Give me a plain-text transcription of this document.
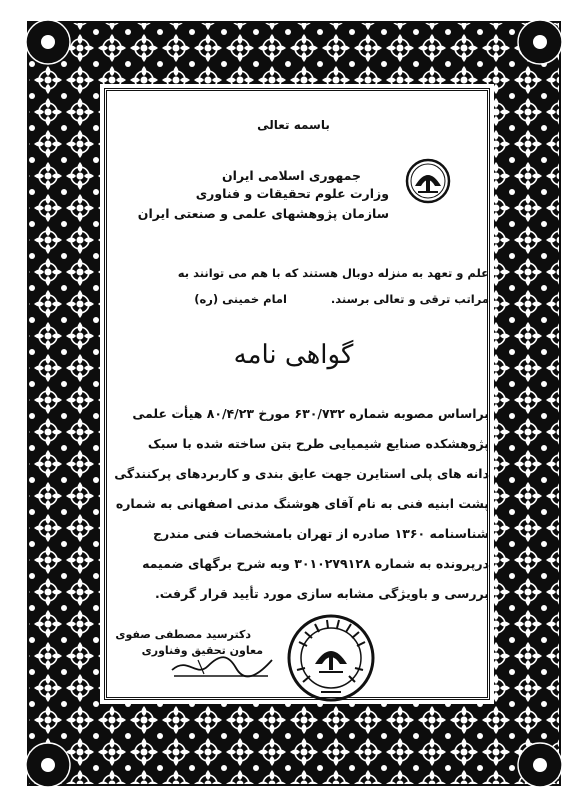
باسمه تعالی
جمهوری اسلامی ایران
وزارت علوم تحقیقات و فناوری
سازمان پژوهشهای علمی و صنعتی ایران
علم و تعهد به منزله دوبال هستند که با هم می توانند به
مراتب ترقی و تعالی برسند.
امام خمینی (ره)
گواهی نامه
براساس مصوبه شماره ۶۳۰/۷۳۲ مورخ ۸۰/۴/۲۳ هیأت علمی
پژوهشکده صنایع شیمیایی طرح بتن ساخته شده با سبک
دانه های پلی استایرن جهت عایق بندی و کاربردهای پرکنندگی
پشت ابنیه فنی به نام آقای هوشنگ مدنی اصفهانی به شماره
شناسنامه ۱۳۶۰ صادره از تهران بامشخصات فنی مندرج
درپرونده به شماره ۳۰۱۰۲۷۹۱۲۸ وبه شرح برگهای ضمیمه
بررسی و باویژگی مشابه سازی مورد تأیید قرار گرفت.
دکترسید مصطفی صفوی
معاون تحقیق وفناوری
